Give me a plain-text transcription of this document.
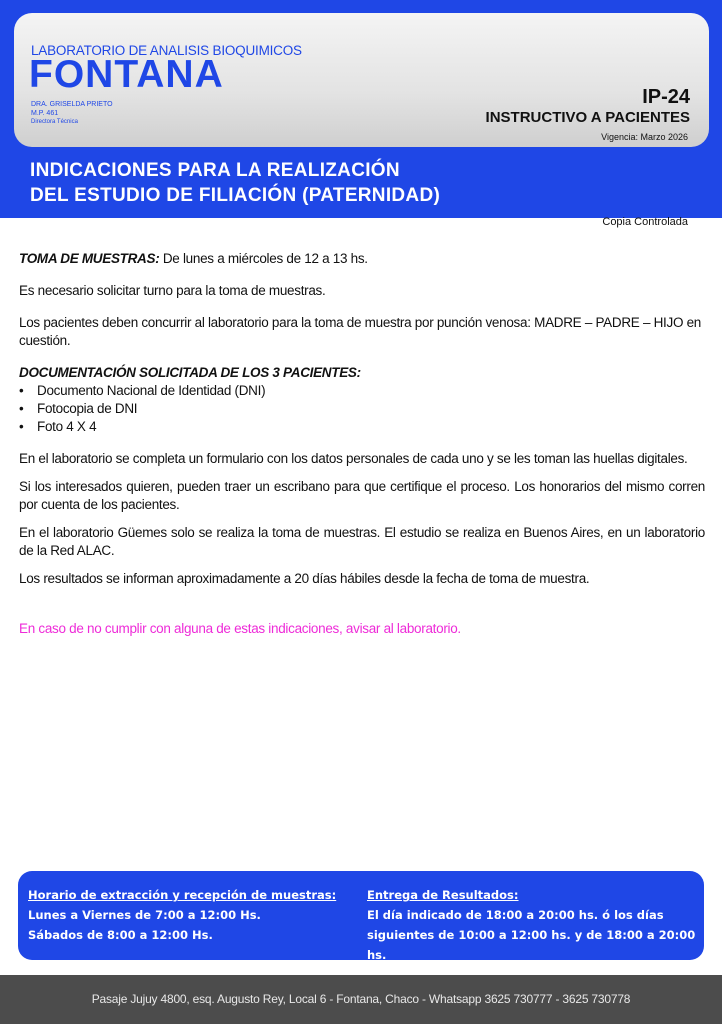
LABORATORIO DE ANALISIS BIOQUIMICOS
FONTANA
DRA. GRISELDA PRIETO
M.P. 461
Directora Técnica
IP-24
INSTRUCTIVO A PACIENTES
Vigencia: Marzo 2026
INDICACIONES PARA LA REALIZACIÓN
DEL ESTUDIO DE FILIACIÓN (PATERNIDAD)
Copia Controlada

TOMA DE MUESTRAS: De lunes a miércoles de 12 a 13 hs.

Es necesario solicitar turno para la toma de muestras.

Los pacientes deben concurrir al laboratorio para la toma de muestra por punción venosa: MADRE – PADRE – HIJO en cuestión.

DOCUMENTACIÓN SOLICITADA DE LOS 3 PACIENTES:

• Documento Nacional de Identidad (DNI)
• Fotocopia de DNI
• Foto 4 X 4

En el laboratorio se completa un formulario con los datos personales de cada uno y se les toman las huellas digitales.

Si los interesados quieren, pueden traer un escribano para que certifique el proceso. Los honorarios del mismo corren por cuenta de los pacientes.

En el laboratorio Güemes solo se realiza la toma de muestras. El estudio se realiza en Buenos Aires, en un laboratorio de la Red ALAC.

Los resultados se informan aproximadamente a 20 días hábiles desde la fecha de toma de muestra.

En caso de no cumplir con alguna de estas indicaciones, avisar al laboratorio.

Horario de extracción y recepción de muestras:
Lunes a Viernes de 7:00 a 12:00 Hs.
Sábados de 8:00 a 12:00 Hs.
Entrega de Resultados:
El día indicado de 18:00 a 20:00 hs. ó los días
siguientes de 10:00 a 12:00 hs. y de 18:00 a 20:00 hs.
Pasaje Jujuy 4800, esq. Augusto Rey, Local 6 - Fontana, Chaco - Whatsapp 3625 730777 - 3625 730778
